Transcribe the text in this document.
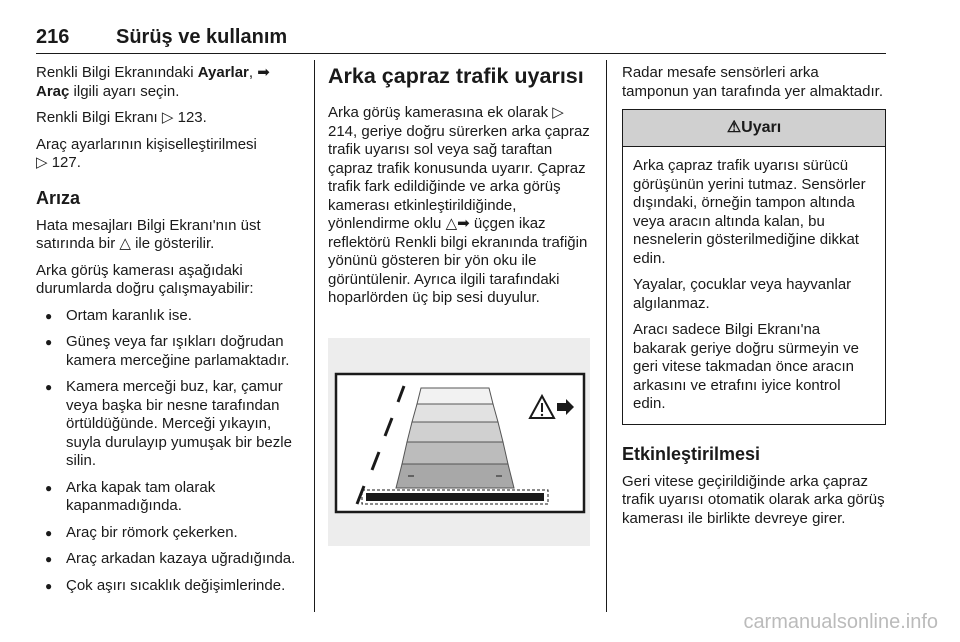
216 Sürüş ve kullanım

Renkli Bilgi Ekranındaki Ayarlar, ➡
Araç ilgili ayarı seçin.

Renkli Bilgi Ekranı ▷ 123.

Araç ayarlarının kişiselleştirilmesi
▷ 127.

Arıza

Hata mesajları Bilgi Ekranı'nın üst satırında bir △ ile gösterilir.

Arka görüş kamerası aşağıdaki durumlarda doğru çalışmayabilir:

● Ortam karanlık ise.
● Güneş veya far ışıkları doğrudan kamera merceğine parlamaktadır.
● Kamera merceği buz, kar, çamur veya başka bir nesne tarafından örtüldüğünde. Merceği yıkayın, suyla durulayıp yumuşak bir bezle silin.
● Arka kapak tam olarak kapanmadığında.
● Araç bir römork çekerken.
● Araç arkadan kazaya uğradığında.
● Çok aşırı sıcaklık değişimlerinde.
Arka çapraz trafik uyarısı

Arka görüş kamerasına ek olarak ▷ 214, geriye doğru sürerken arka çapraz trafik uyarısı sol veya sağ taraftan çapraz trafik konusunda uyarır. Çapraz trafik fark edildiğinde ve arka görüş kamerası etkinleştirildiğinde, yönlendirme oklu △➡ üçgen ikaz reflektörü Renkli bilgi ekranında trafiğin yönünü gösteren bir yön oku ile görüntülenir. Ayrıca ilgili tarafındaki hoparlörden üç bip sesi duyulur.

Radar mesafe sensörleri arka tamponun yan tarafında yer almaktadır.

⚠Uyarı

Arka çapraz trafik uyarısı sürücü görüşünün yerini tutmaz. Sensörler dışındaki, örneğin tampon altında veya aracın altında kalan, bu nesnelerin gösterilmediğine dikkat edin.

Yayalar, çocuklar veya hayvanlar algılanmaz.

Aracı sadece Bilgi Ekranı'na bakarak geriye doğru sürmeyin ve geri vitese takmadan önce aracın arkasını ve etrafını iyice kontrol edin.

Etkinleştirilmesi

Geri vitese geçirildiğinde arka çapraz trafik uyarısı otomatik olarak arka görüş kamerası ile birlikte devreye girer.

carmanualsonline.info
